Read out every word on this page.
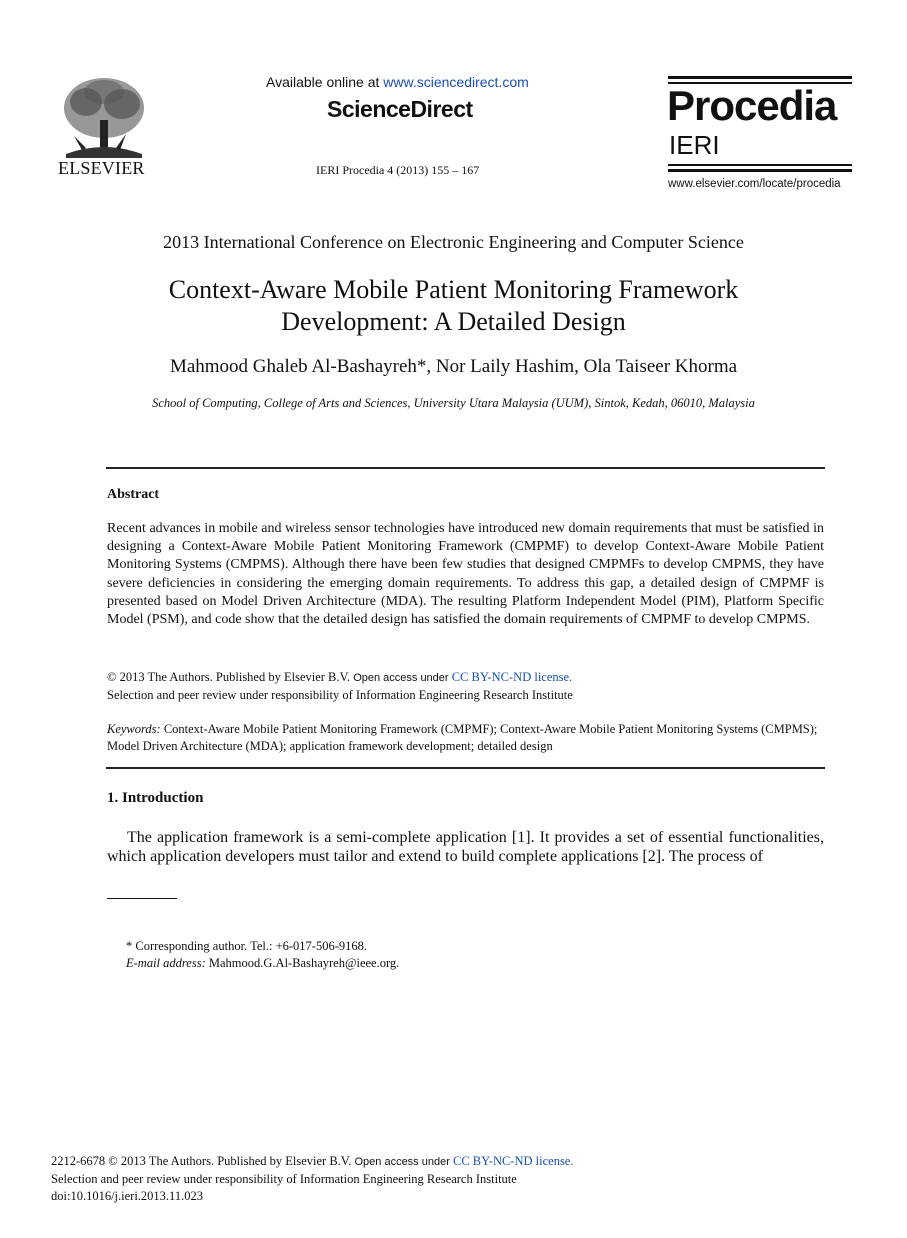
ELSEVIER
Available online at www.sciencedirect.com
ScienceDirect
IERI Procedia 4 (2013) 155 – 167
Procedia
IERI
www.elsevier.com/locate/procedia
2013 International Conference on Electronic Engineering and Computer Science
Context-Aware Mobile Patient Monitoring Framework
Development: A Detailed Design
Mahmood Ghaleb Al-Bashayreh*, Nor Laily Hashim, Ola Taiseer Khorma
School of Computing, College of Arts and Sciences, University Utara Malaysia (UUM), Sintok, Kedah, 06010, Malaysia
Abstract
Recent advances in mobile and wireless sensor technologies have introduced new domain requirements that must be satisfied in designing a Context-Aware Mobile Patient Monitoring Framework (CMPMF) to develop Context-Aware Mobile Patient Monitoring Systems (CMPMS). Although there have been few studies that designed CMPMFs to develop CMPMS, they have severe deficiencies in considering the emerging domain requirements. To address this gap, a detailed design of CMPMF is presented based on Model Driven Architecture (MDA). The resulting Platform Independent Model (PIM), Platform Specific Model (PSM), and code show that the detailed design has satisfied the domain requirements of CMPMF to develop CMPMS.
© 2013 The Authors. Published by Elsevier B.V. Open access under CC BY-NC-ND license.
Selection and peer review under responsibility of Information Engineering Research Institute
Keywords: Context-Aware Mobile Patient Monitoring Framework (CMPMF); Context-Aware Mobile Patient Monitoring Systems (CMPMS); Model Driven Architecture (MDA); application framework development; detailed design
1. Introduction
The application framework is a semi-complete application [1]. It provides a set of essential functionalities, which application developers must tailor and extend to build complete applications [2]. The process of
* Corresponding author. Tel.: +6-017-506-9168.
E-mail address: Mahmood.G.Al-Bashayreh@ieee.org.
2212-6678 © 2013 The Authors. Published by Elsevier B.V. Open access under CC BY-NC-ND license.
Selection and peer review under responsibility of Information Engineering Research Institute
doi:10.1016/j.ieri.2013.11.023
